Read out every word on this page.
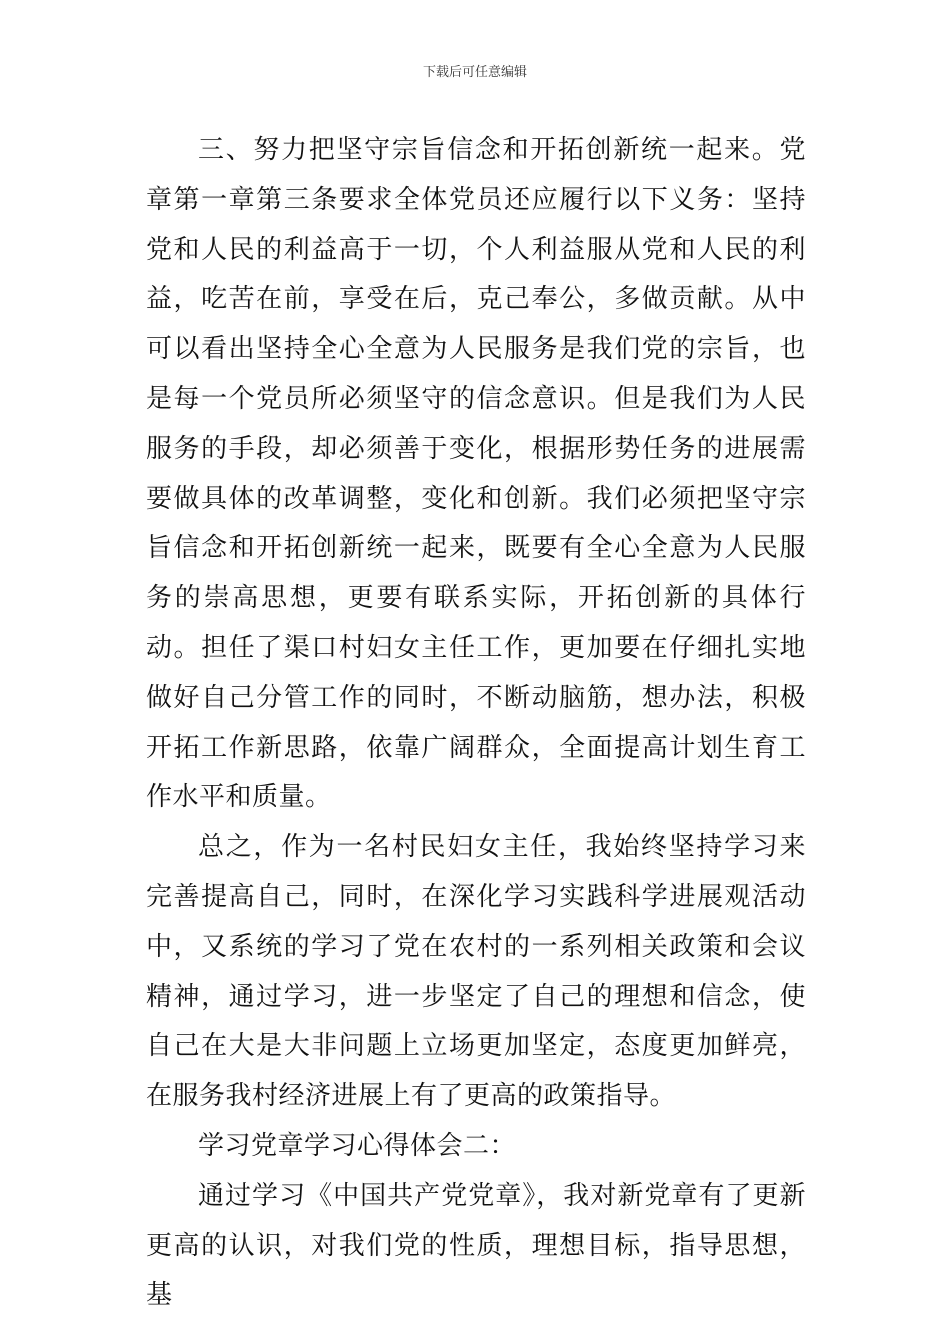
下载后可任意编辑

三、努力把坚守宗旨信念和开拓创新统一起来。党章第一章第三条要求全体党员还应履行以下义务：坚持党和人民的利益高于一切，个人利益服从党和人民的利益，吃苦在前，享受在后，克己奉公，多做贡献。从中可以看出坚持全心全意为人民服务是我们党的宗旨，也是每一个党员所必须坚守的信念意识。但是我们为人民服务的手段，却必须善于变化，根据形势任务的进展需要做具体的改革调整，变化和创新。我们必须把坚守宗旨信念和开拓创新统一起来，既要有全心全意为人民服务的崇高思想，更要有联系实际，开拓创新的具体行动。担任了渠口村妇女主任工作，更加要在仔细扎实地做好自己分管工作的同时，不断动脑筋，想办法，积极开拓工作新思路，依靠广阔群众，全面提高计划生育工作水平和质量。

总之，作为一名村民妇女主任，我始终坚持学习来完善提高自己，同时，在深化学习实践科学进展观活动中，又系统的学习了党在农村的一系列相关政策和会议精神，通过学习，进一步坚定了自己的理想和信念，使自己在大是大非问题上立场更加坚定，态度更加鲜亮，在服务我村经济进展上有了更高的政策指导。

学习党章学习心得体会二：

通过学习《中国共产党党章》，我对新党章有了更新更高的认识，对我们党的性质，理想目标，指导思想，基
